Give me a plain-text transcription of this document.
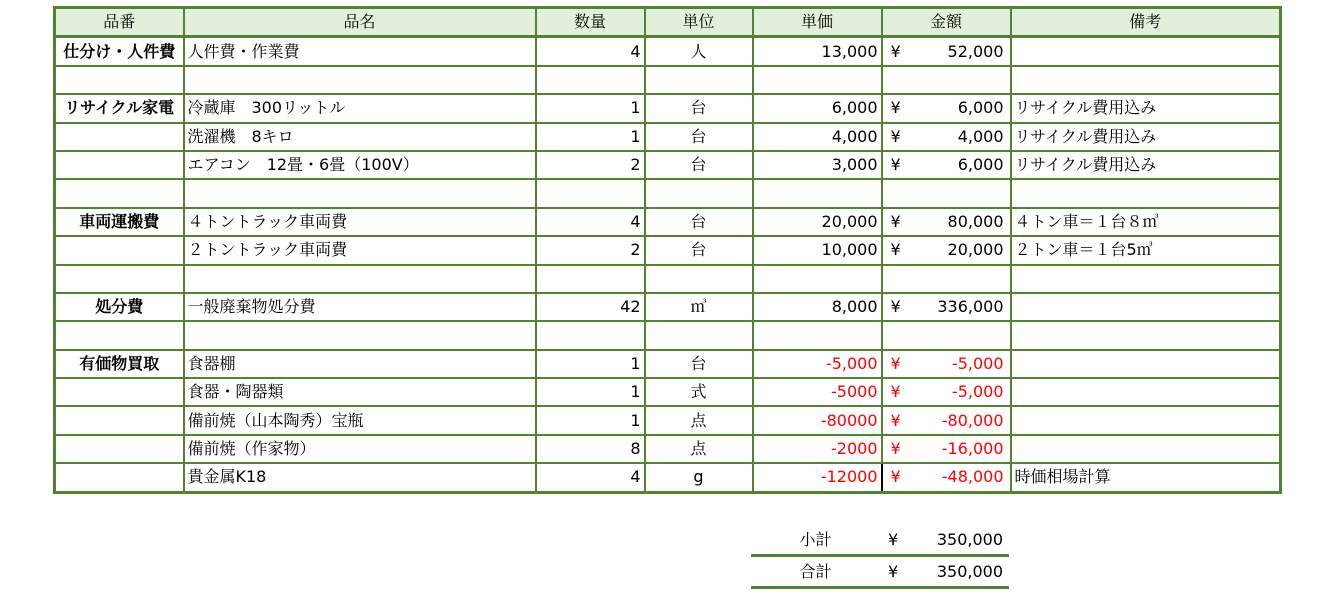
品番	品名	数量	単位	単価	金額	備考
仕分け・人件費	人件費・作業費	4	人	13,000	¥ 52,000	

リサイクル家電	冷蔵庫　300リットル	1	台	6,000	¥ 6,000	リサイクル費用込み
	洗濯機　8キロ	1	台	4,000	¥ 4,000	リサイクル費用込み
	エアコン　12畳・6畳（100V）	2	台	3,000	¥ 6,000	リサイクル費用込み

車両運搬費	４トントラック車両費	4	台	20,000	¥ 80,000	４トン車＝１台８㎥
	２トントラック車両費	2	台	10,000	¥ 20,000	２トン車＝１台5㎥

処分費	一般廃棄物処分費	42	㎥	8,000	¥ 336,000	

有価物買取	食器棚	1	台	-5,000	¥ -5,000	

	食器・陶器類	1	式	-5000	¥ -5,000	

	備前焼（山本陶秀）宝瓶	1	点	-80000	¥ -80,000	

	備前焼（作家物）	8	点	-2000	¥ -16,000	

	貴金属K18	4	g	-12000	¥ -48,000	時価相場計算
小計	¥ 350,000

合計	¥ 350,000
